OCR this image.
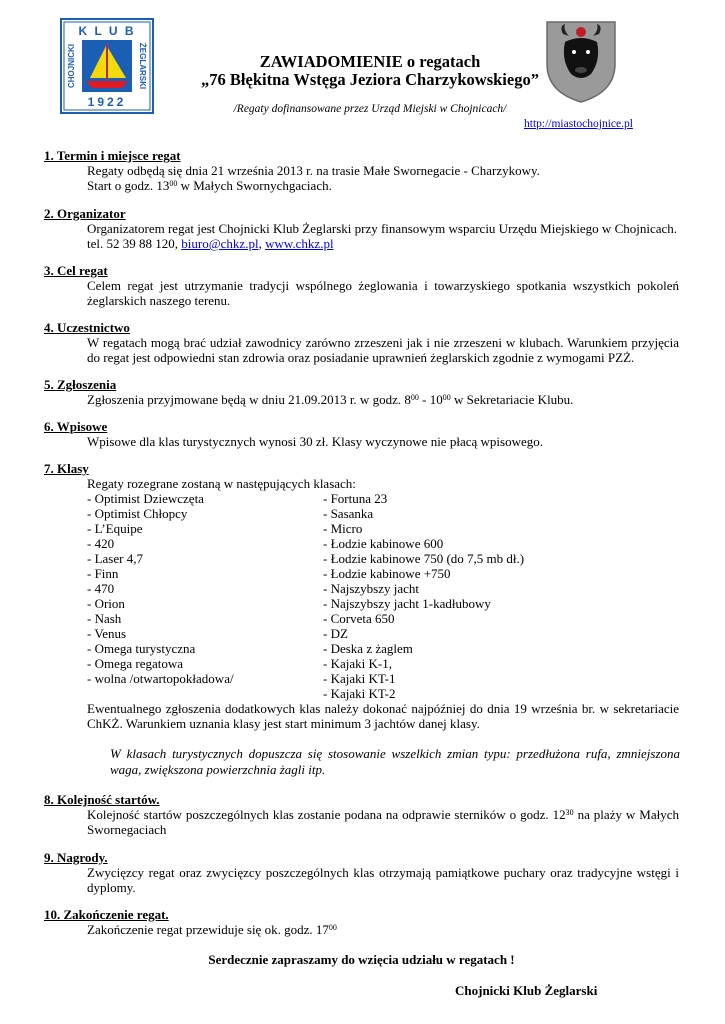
K L U B
CHOJNICKI	ŻEGLARSKI
1922
ZAWIADOMIENIE o regatach
„76 Błękitna Wstęga Jeziora Charzykowskiego”
/Regaty dofinansowane przez Urząd Miejski w Chojnicach/
http://miastochojnice.pl
1. Termin i miejsce regat
Regaty odbędą się dnia 21 września 2013 r. na trasie Małe Swornegacie - Charzykowy.
Start o godz. $13^{00}$ w Małych Swornychgaciach.
2. Organizator
Organizatorem regat jest Chojnicki Klub Żeglarski przy finansowym wsparciu Urzędu Miejskiego w Chojnicach.
tel. 52 39 88 120, biuro@chkz.pl, www.chkz.pl
3. Cel regat
Celem regat jest utrzymanie tradycji wspólnego żeglowania i towarzyskiego spotkania wszystkich pokoleń żeglarskich naszego terenu.
4. Uczestnictwo
W regatach mogą brać udział zawodnicy zarówno zrzeszeni jak i nie zrzeszeni w klubach. Warunkiem przyjęcia do regat jest odpowiedni stan zdrowia oraz posiadanie uprawnień żeglarskich zgodnie z wymogami PZŻ.
5. Zgłoszenia
Zgłoszenia przyjmowane będą w dniu 21.09.2013 r. w godz. $8^{00} - 10^{00}$ w Sekretariacie Klubu.
6. Wpisowe
Wpisowe dla klas turystycznych wynosi 30 zł. Klasy wyczynowe nie płacą wpisowego.
7. Klasy
Regaty rozegrane zostaną w następujących klasach:
- Optimist Dziewczęta
- Optimist Chłopcy
- L’Equipe
- 420
- Laser 4,7
- Finn
- 470
- Orion
- Nash
- Venus
- Omega turystyczna
- Omega regatowa
- wolna /otwartopokładowa/
- Fortuna 23
- Sasanka
- Micro
- Łodzie kabinowe 600
- Łodzie kabinowe 750 (do 7,5 mb dł.)
- Łodzie kabinowe +750
- Najszybszy jacht
- Najszybszy jacht 1-kadłubowy
- Corveta 650
- DZ
- Deska z żaglem
- Kajaki K-1,
- Kajaki KT-1
- Kajaki KT-2
Ewentualnego zgłoszenia dodatkowych klas należy dokonać najpóźniej do dnia 19 września br. w sekretariacie ChKŻ. Warunkiem uznania klasy jest start minimum 3 jachtów danej klasy.
W klasach turystycznych dopuszcza się stosowanie wszelkich zmian typu: przedłużona rufa, zmniejszona waga, zwiększona powierzchnia żagli itp.
8. Kolejność startów.
Kolejność startów poszczególnych klas zostanie podana na odprawie sterników o godz. $12^{30}$ na plaży w Małych Swornegaciach
9. Nagrody.
Zwycięzcy regat oraz zwycięzcy poszczególnych klas otrzymają pamiątkowe puchary oraz tradycyjne wstęgi i dyplomy.
10. Zakończenie regat.
Zakończenie regat przewiduje się ok. godz. $17^{00}$
Serdecznie zapraszamy do wzięcia udziału w regatach !
Chojnicki Klub Żeglarski
